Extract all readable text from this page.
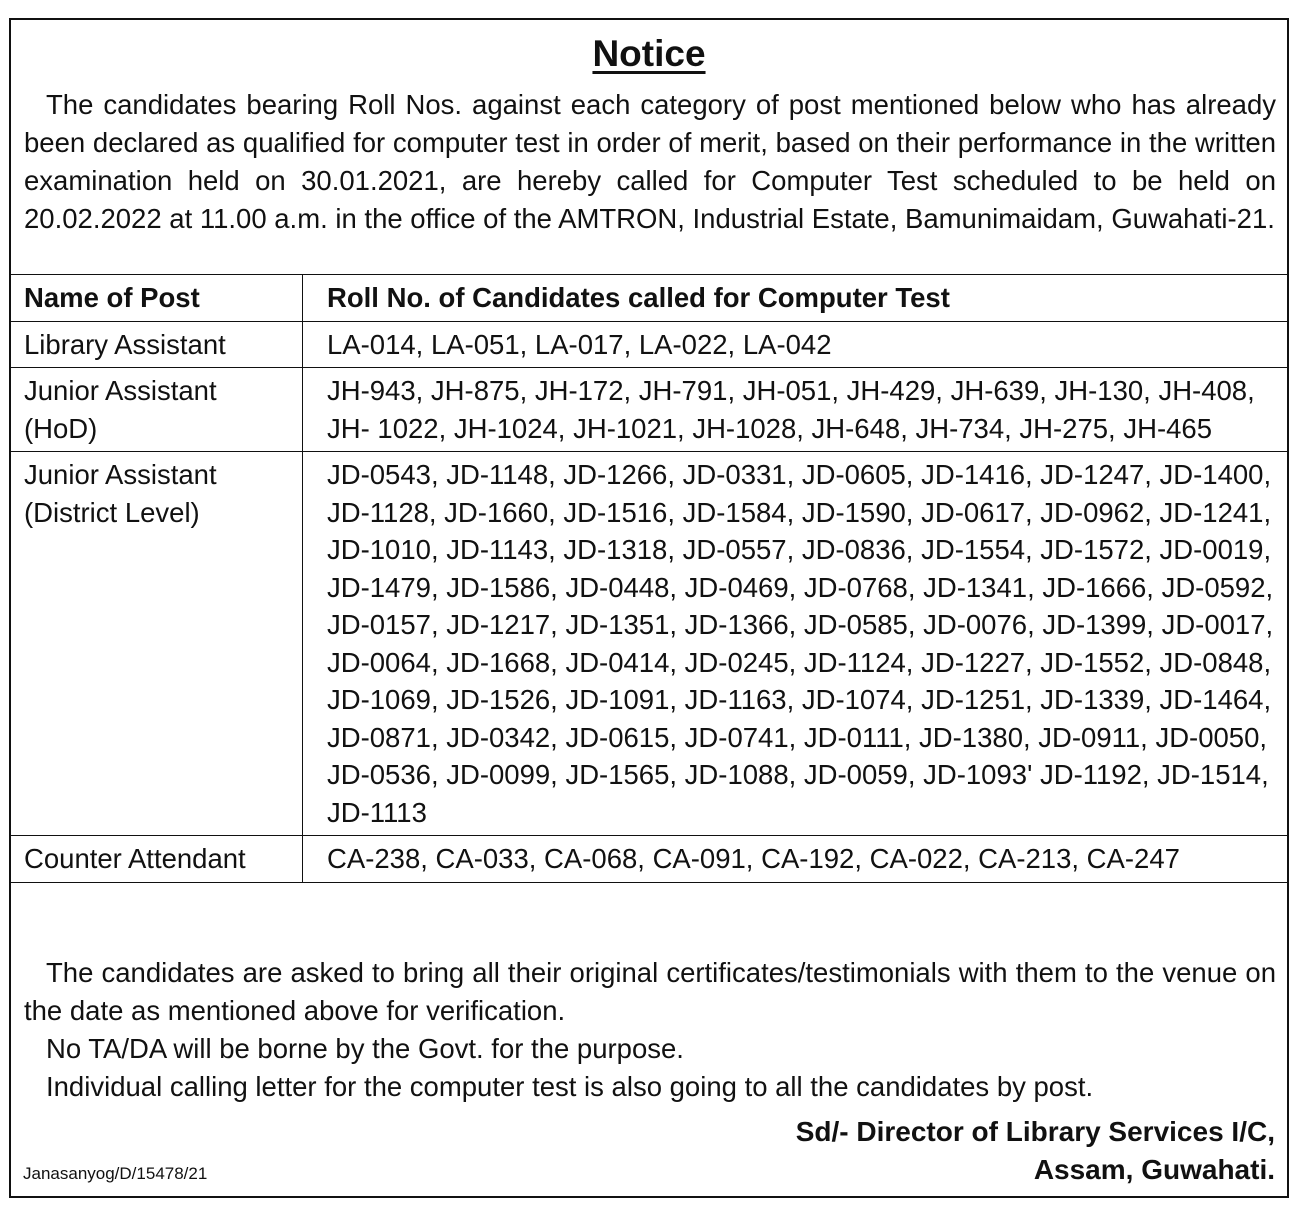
Notice

The candidates bearing Roll Nos. against each category of post mentioned below who has already been declared as qualified for computer test in order of merit, based on their performance in the written examination held on 30.01.2021, are hereby called for Computer Test scheduled to be held on 20.02.2022 at 11.00 a.m. in the office of the AMTRON, Industrial Estate, Bamunimaidam, Guwahati-21.

Name of Post	Roll No. of Candidates called for Computer Test
Library Assistant	LA-014, LA-051, LA-017, LA-022, LA-042
Junior Assistant (HoD)	JH-943, JH-875, JH-172, JH-791, JH-051, JH-429, JH-639, JH-130, JH-408, JH- 1022, JH-1024, JH-1021, JH-1028, JH-648, JH-734, JH-275, JH-465
Junior Assistant (District Level)	JD-0543, JD-1148, JD-1266, JD-0331, JD-0605, JD-1416, JD-1247, JD-1400, JD-1128, JD-1660, JD-1516, JD-1584, JD-1590, JD-0617, JD-0962, JD-1241, JD-1010, JD-1143, JD-1318, JD-0557, JD-0836, JD-1554, JD-1572, JD-0019, JD-1479, JD-1586, JD-0448, JD-0469, JD-0768, JD-1341, JD-1666, JD-0592, JD-0157, JD-1217, JD-1351, JD-1366, JD-0585, JD-0076, JD-1399, JD-0017, JD-0064, JD-1668, JD-0414, JD-0245, JD-1124, JD-1227, JD-1552, JD-0848, JD-1069, JD-1526, JD-1091, JD-1163, JD-1074, JD-1251, JD-1339, JD-1464, JD-0871, JD-0342, JD-0615, JD-0741, JD-0111, JD-1380, JD-0911, JD-0050, JD-0536, JD-0099, JD-1565, JD-1088, JD-0059, JD-1093' JD-1192, JD-1514, JD-1113
Counter Attendant	CA-238, CA-033, CA-068, CA-091, CA-192, CA-022, CA-213, CA-247

The candidates are asked to bring all their original certificates/testimonials with them to the venue on the date as mentioned above for verification.

No TA/DA will be borne by the Govt. for the purpose.

Individual calling letter for the computer test is also going to all the candidates by post.

Sd/- Director of Library Services I/C,
Assam, Guwahati.
Janasanyog/D/15478/21
